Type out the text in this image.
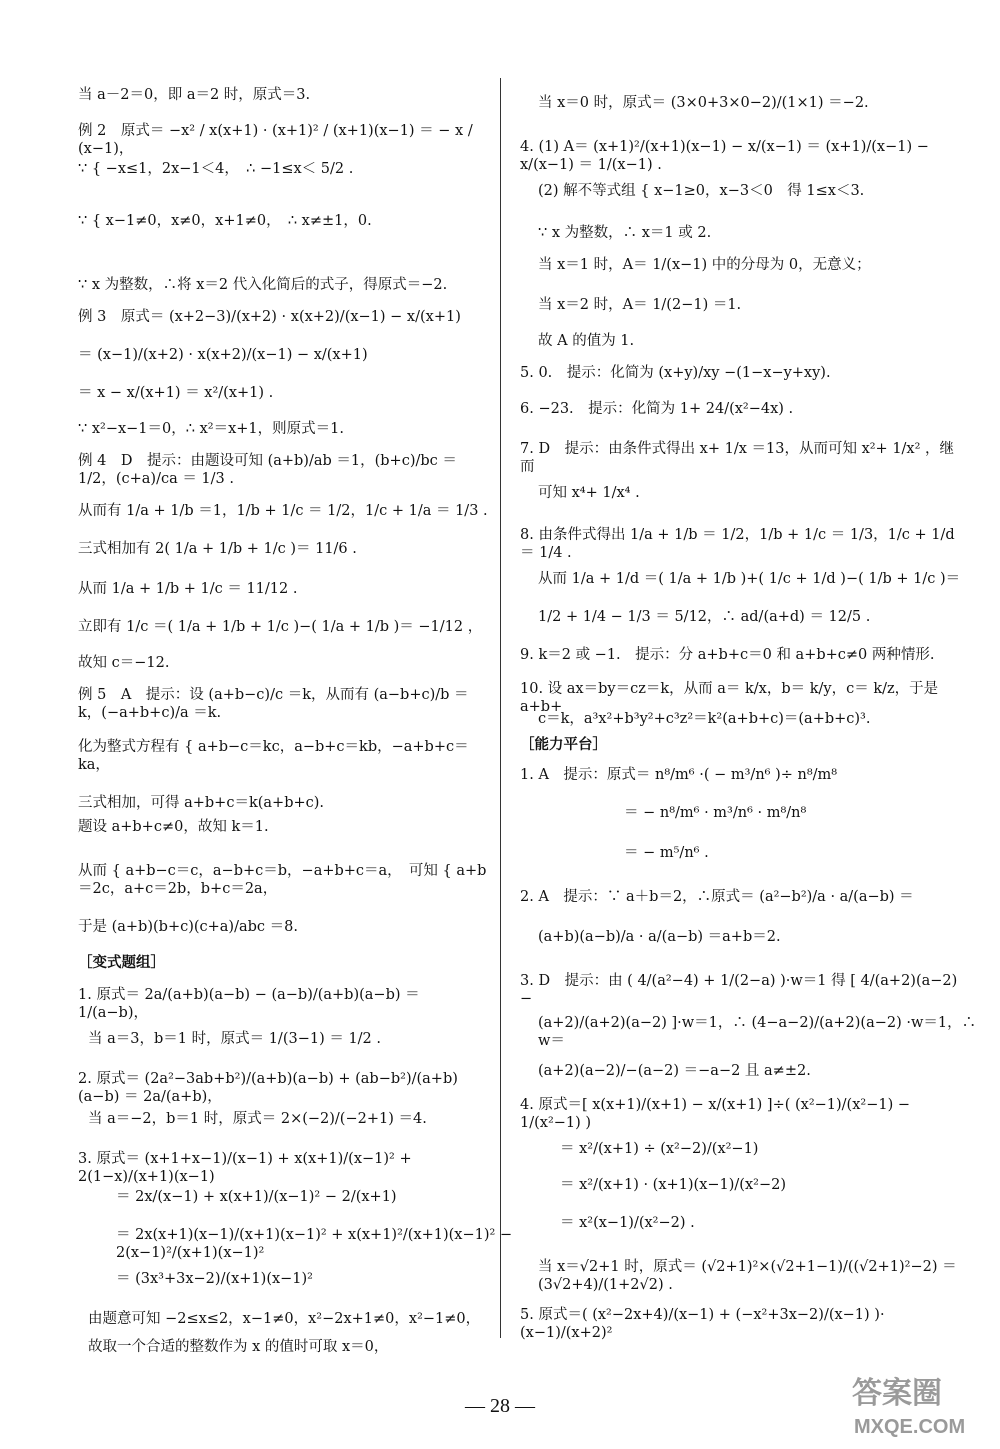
当 a－2＝0，即 a＝2 时，原式＝3.

例 2　原式＝ −x² / x(x+1) · (x+1)² / (x+1)(x−1) ＝ − x / (x−1)，

∵ { −x≤1，2x−1＜4，　∴ −1≤x＜ 5/2 .

∵ { x−1≠0，x≠0，x+1≠0，　∴ x≠±1，0.

∵ x 为整数，∴将 x＝2 代入化简后的式子，得原式＝−2.

例 3　原式＝ (x+2−3)/(x+2) · x(x+2)/(x−1) − x/(x+1)

＝ (x−1)/(x+2) · x(x+2)/(x−1) − x/(x+1)

＝ x − x/(x+1) ＝ x²/(x+1) .

∵ x²−x−1＝0，∴ x²＝x+1，则原式＝1.

例 4　D　提示：由题设可知 (a+b)/ab ＝1，(b+c)/bc ＝ 1/2，(c+a)/ca ＝ 1/3 .

从而有 1/a + 1/b ＝1，1/b + 1/c ＝ 1/2，1/c + 1/a ＝ 1/3 .

三式相加有 2( 1/a + 1/b + 1/c )＝ 11/6 .

从而 1/a + 1/b + 1/c ＝ 11/12 .

立即有 1/c ＝( 1/a + 1/b + 1/c )−( 1/a + 1/b )＝ −1/12 ，

故知 c＝−12.

例 5　A　提示：设 (a+b−c)/c ＝k，从而有 (a−b+c)/b ＝k，(−a+b+c)/a ＝k.

化为整式方程有 { a+b−c＝kc，a−b+c＝kb，−a+b+c＝ka，

三式相加，可得 a+b+c＝k(a+b+c).

题设 a+b+c≠0，故知 k＝1.

从而 { a+b−c＝c，a−b+c＝b，−a+b+c＝a，　可知 { a+b＝2c，a+c＝2b，b+c＝2a，

于是 (a+b)(b+c)(c+a)/abc ＝8.

［变式题组］

1. 原式＝ 2a/(a+b)(a−b) − (a−b)/(a+b)(a−b) ＝ 1/(a−b)，

当 a＝3，b＝1 时，原式＝ 1/(3−1) ＝ 1/2 .

2. 原式＝ (2a²−3ab+b²)/(a+b)(a−b) + (ab−b²)/(a+b)(a−b) ＝ 2a/(a+b)，

当 a＝−2，b＝1 时，原式＝ 2×(−2)/(−2+1) ＝4.

3. 原式＝ (x+1+x−1)/(x−1) + x(x+1)/(x−1)² + 2(1−x)/(x+1)(x−1)

＝ 2x/(x−1) + x(x+1)/(x−1)² − 2/(x+1)

＝ 2x(x+1)(x−1)/(x+1)(x−1)² + x(x+1)²/(x+1)(x−1)² − 2(x−1)²/(x+1)(x−1)²

＝ (3x³+3x−2)/(x+1)(x−1)²

由题意可知 −2≤x≤2，x−1≠0，x²−2x+1≠0，x²−1≠0，

故取一个合适的整数作为 x 的值时可取 x＝0，

当 x＝0 时，原式＝ (3×0+3×0−2)/(1×1) ＝−2.

4. (1) A＝ (x+1)²/(x+1)(x−1) − x/(x−1) ＝ (x+1)/(x−1) − x/(x−1) ＝ 1/(x−1) .

(2) 解不等式组 { x−1≥0，x−3＜0　得 1≤x＜3.

∵ x 为整数，∴ x＝1 或 2.

当 x＝1 时，A＝ 1/(x−1) 中的分母为 0，无意义；

当 x＝2 时，A＝ 1/(2−1) ＝1.

故 A 的值为 1.

5. 0.　提示：化简为 (x+y)/xy −(1−x−y+xy).

6. −23.　提示：化简为 1+ 24/(x²−4x) .

7. D　提示：由条件式得出 x+ 1/x ＝13，从而可知 x²+ 1/x² ，继而

可知 x⁴+ 1/x⁴ .

8. 由条件式得出 1/a + 1/b ＝ 1/2，1/b + 1/c ＝ 1/3，1/c + 1/d ＝ 1/4 .

从而 1/a + 1/d ＝( 1/a + 1/b )+( 1/c + 1/d )−( 1/b + 1/c )＝

1/2 + 1/4 − 1/3 ＝ 5/12，∴ ad/(a+d) ＝ 12/5 .

9. k＝2 或 −1.　提示：分 a+b+c＝0 和 a+b+c≠0 两种情形.

10. 设 ax＝by＝cz＝k，从而 a＝ k/x，b＝ k/y，c＝ k/z，于是 a+b+

c＝k，a³x²+b³y²+c³z²＝k²(a+b+c)＝(a+b+c)³.

［能力平台］

1. A　提示：原式＝ n⁸/m⁶ ·( − m³/n⁶ )÷ n⁸/m⁸

＝ − n⁸/m⁶ · m³/n⁶ · m⁸/n⁸

＝ − m⁵/n⁶ .

2. A　提示：∵ a＋b＝2，∴原式＝ (a²−b²)/a · a/(a−b) ＝

(a+b)(a−b)/a · a/(a−b) ＝a+b＝2.

3. D　提示：由 ( 4/(a²−4) + 1/(2−a) )·w＝1 得 [ 4/(a+2)(a−2) −

(a+2)/(a+2)(a−2) ]·w＝1，∴ (4−a−2)/(a+2)(a−2) ·w＝1，∴ w＝

(a+2)(a−2)/−(a−2) ＝−a−2 且 a≠±2.

4. 原式＝[ x(x+1)/(x+1) − x/(x+1) ]÷( (x²−1)/(x²−1) − 1/(x²−1) )

＝ x²/(x+1) ÷ (x²−2)/(x²−1)

＝ x²/(x+1) · (x+1)(x−1)/(x²−2)

＝ x²(x−1)/(x²−2) .

当 x＝√2+1 时，原式＝ (√2+1)²×(√2+1−1)/((√2+1)²−2) ＝ (3√2+4)/(1+2√2) .

5. 原式＝( (x²−2x+4)/(x−1) + (−x²+3x−2)/(x−1) )· (x−1)/(x+2)²

— 28 —	答案圈
MXQE.COM
